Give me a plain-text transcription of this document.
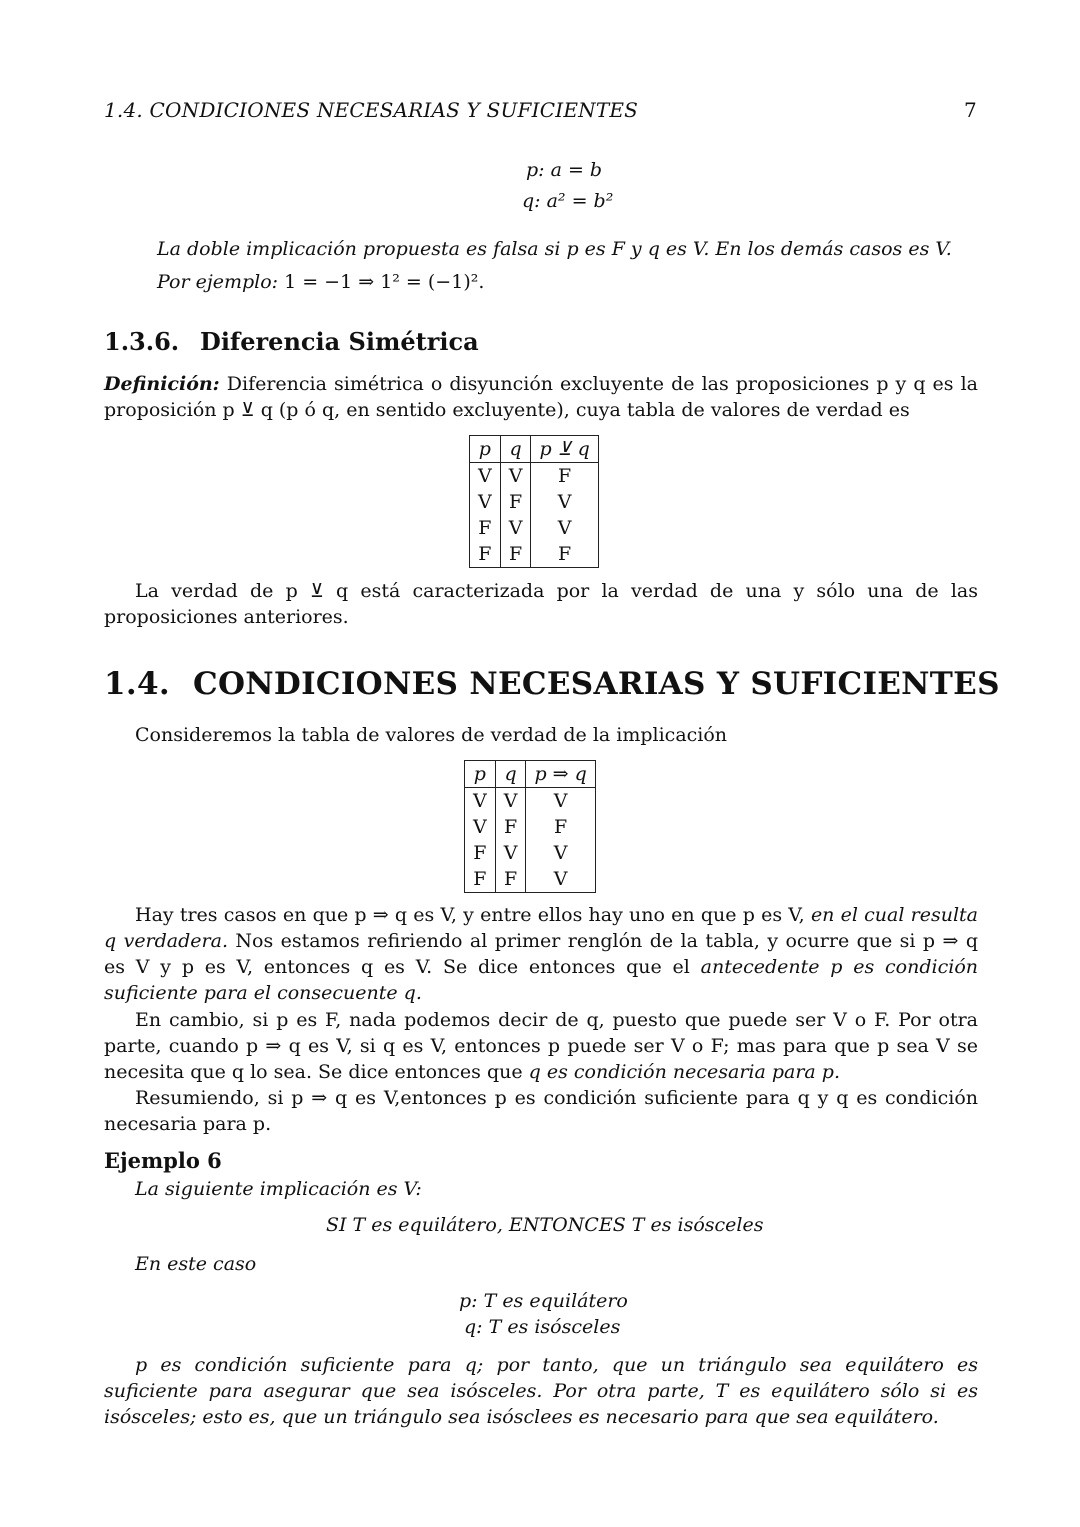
1.4. CONDICIONES NECESARIAS Y SUFICIENTES	7
p: a = b
q: a² = b²
La doble implicación propuesta es falsa si p es F y q es V. En los demás casos es V.
Por ejemplo: 1 = −1 ⇒ 1² = (−1)².
1.3.6. Diferencia Simétrica
Definición: Diferencia simétrica o disyunción excluyente de las proposiciones p y q es la proposición p ⊻ q (p ó q, en sentido excluyente), cuya tabla de valores de verdad es
p	q	p ⊻ q
V	V	F
V	F	V
F	V	V
F	F	F
La verdad de p ⊻ q está caracterizada por la verdad de una y sólo una de las proposiciones anteriores.
1.4. CONDICIONES NECESARIAS Y SUFICIENTES
Consideremos la tabla de valores de verdad de la implicación
p	q	p ⇒ q
V	V	V
V	F	F
F	V	V
F	F	V
Hay tres casos en que p ⇒ q es V, y entre ellos hay uno en que p es V, en el cual resulta q verdadera. Nos estamos refiriendo al primer renglón de la tabla, y ocurre que si p ⇒ q es V y p es V, entonces q es V. Se dice entonces que el antecedente p es condición suficiente para el consecuente q.
En cambio, si p es F, nada podemos decir de q, puesto que puede ser V o F. Por otra parte, cuando p ⇒ q es V, si q es V, entonces p puede ser V o F; mas para que p sea V se necesita que q lo sea. Se dice entonces que q es condición necesaria para p.
Resumiendo, si p ⇒ q es V,entonces p es condición suficiente para q y q es condición necesaria para p.
Ejemplo 6
La siguiente implicación es V:
SI T es equilátero, ENTONCES T es isósceles
En este caso
p: T es equilátero
q: T es isósceles
p es condición suficiente para q; por tanto, que un triángulo sea equilátero es suficiente para asegurar que sea isósceles. Por otra parte, T es equilátero sólo si es isósceles; esto es, que un triángulo sea isósclees es necesario para que sea equilátero.
